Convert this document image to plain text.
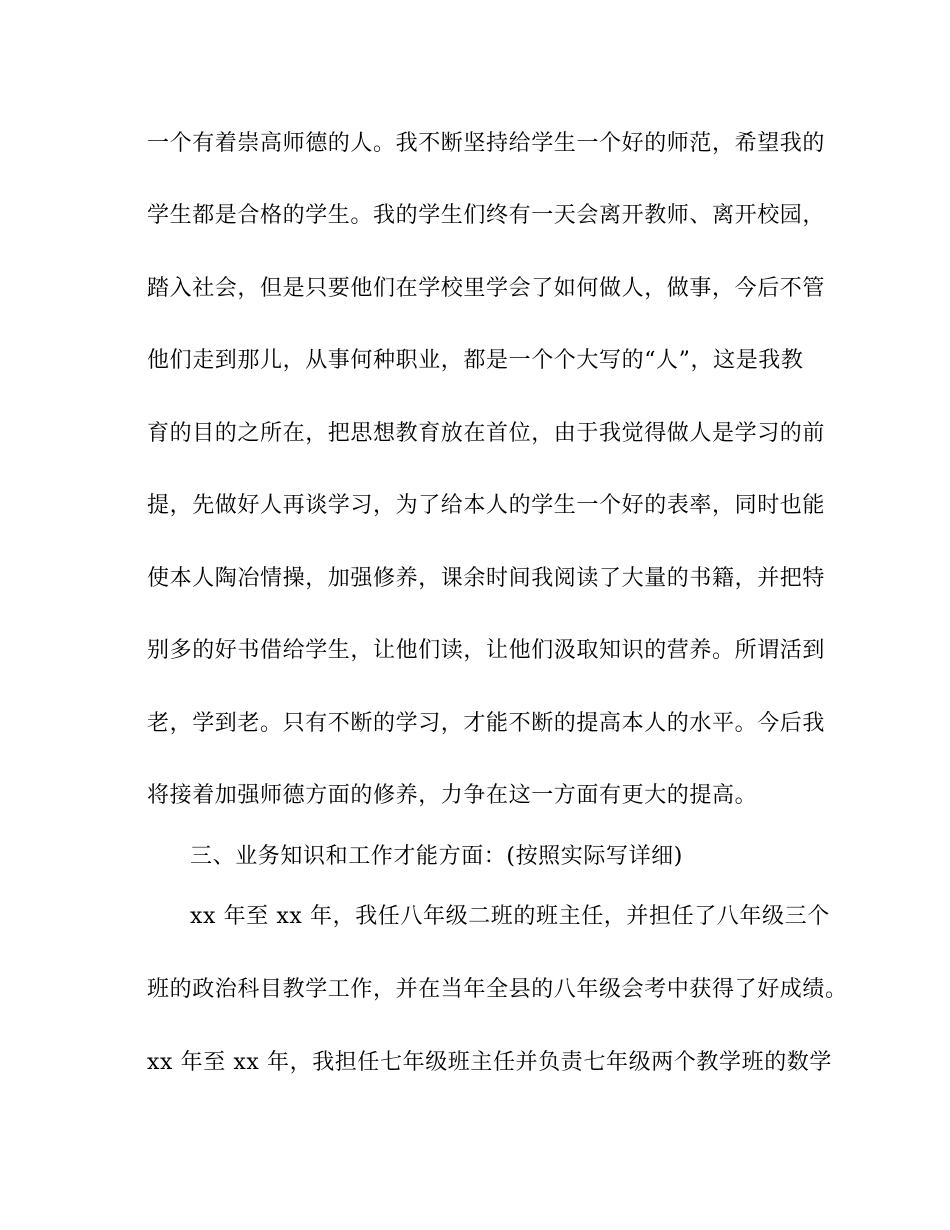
一个有着崇高师德的人。我不断坚持给学生一个好的师范，希望我的
学生都是合格的学生。我的学生们终有一天会离开教师、离开校园，
踏入社会，但是只要他们在学校里学会了如何做人，做事，今后不管
他们走到那儿，从事何种职业，都是一个个大写的“人”，这是我教
育的目的之所在，把思想教育放在首位，由于我觉得做人是学习的前
提，先做好人再谈学习，为了给本人的学生一个好的表率，同时也能
使本人陶冶情操，加强修养，课余时间我阅读了大量的书籍，并把特
别多的好书借给学生，让他们读，让他们汲取知识的营养。所谓活到
老，学到老。只有不断的学习，才能不断的提高本人的水平。今后我
将接着加强师德方面的修养，力争在这一方面有更大的提高。
三、业务知识和工作才能方面：(按照实际写详细)
xx 年至 xx 年，我任八年级二班的班主任，并担任了八年级三个
班的政治科目教学工作，并在当年全县的八年级会考中获得了好成绩。
xx 年至 xx 年，我担任七年级班主任并负责七年级两个教学班的数学
